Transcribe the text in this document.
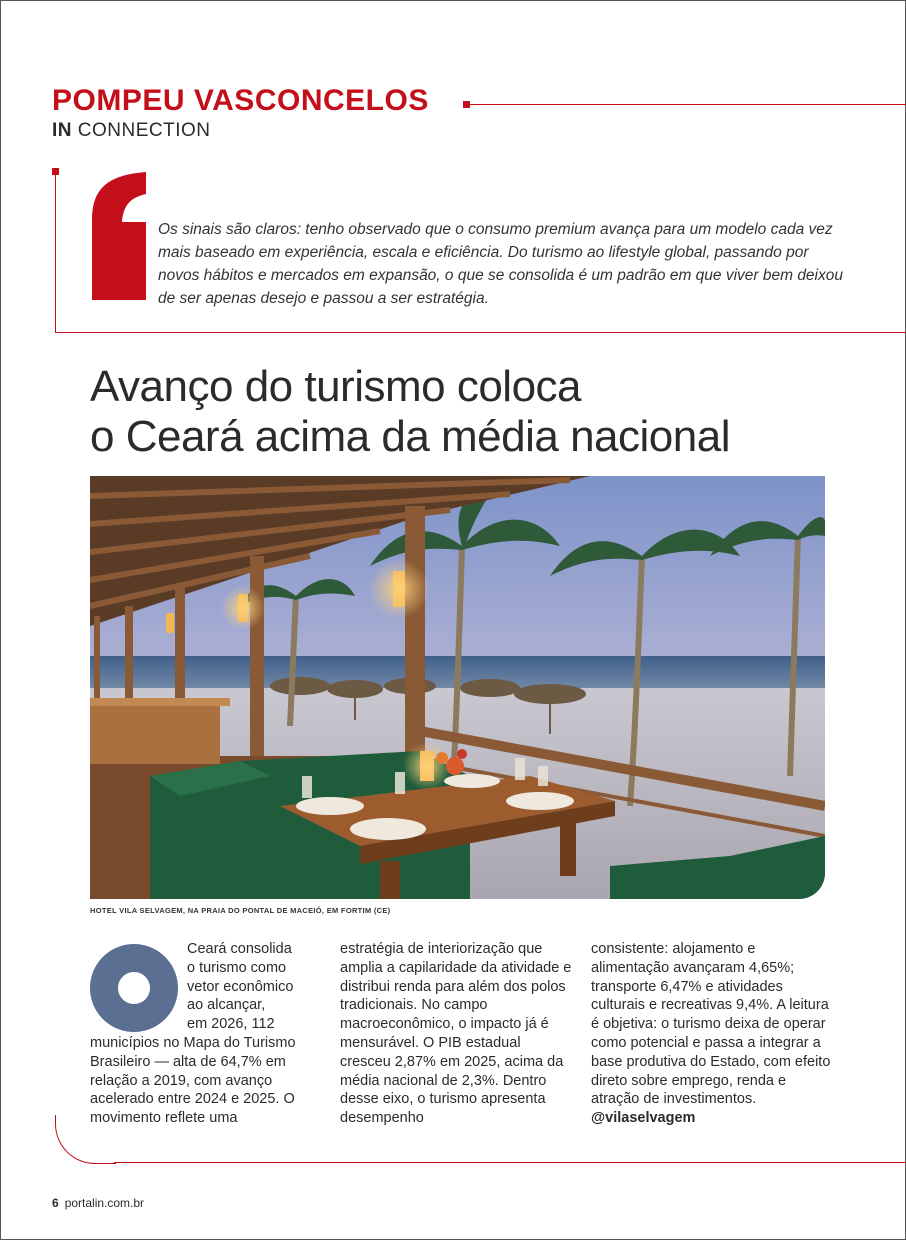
POMPEU VASCONCELOS
IN CONNECTION
Os sinais são claros: tenho observado que o consumo premium avança para um modelo cada vez mais baseado em experiência, escala e eficiência. Do turismo ao lifestyle global, passando por novos hábitos e mercados em expansão, o que se consolida é um padrão em que viver bem deixou de ser apenas desejo e passou a ser estratégia.
Avanço do turismo coloca
o Ceará acima da média nacional
HOTEL VILA SELVAGEM, NA PRAIA DO PONTAL DE MACEIÓ, EM FORTIM (CE)
Ceará consolida
o turismo como
vetor econômico
ao alcançar,
em 2026, 112

municípios no Mapa do Turismo Brasileiro — alta de 64,7% em relação a 2019, com avanço acelerado entre 2024 e 2025. O movimento reflete uma

estratégia de interiorização que amplia a capilaridade da atividade e distribui renda para além dos polos tradicionais. No campo macroeconômico, o impacto já é mensurável. O PIB estadual cresceu 2,87% em 2025, acima da média nacional de 2,3%. Dentro desse eixo, o turismo apresenta desempenho

consistente: alojamento e alimentação avançaram 4,65%; transporte 6,47% e atividades culturais e recreativas 9,4%. A leitura é objetiva: o turismo deixa de operar como potencial e passa a integrar a base produtiva do Estado, com efeito direto sobre emprego, renda e atração de investimentos. @vilaselvagem

6 portalin.com.br
